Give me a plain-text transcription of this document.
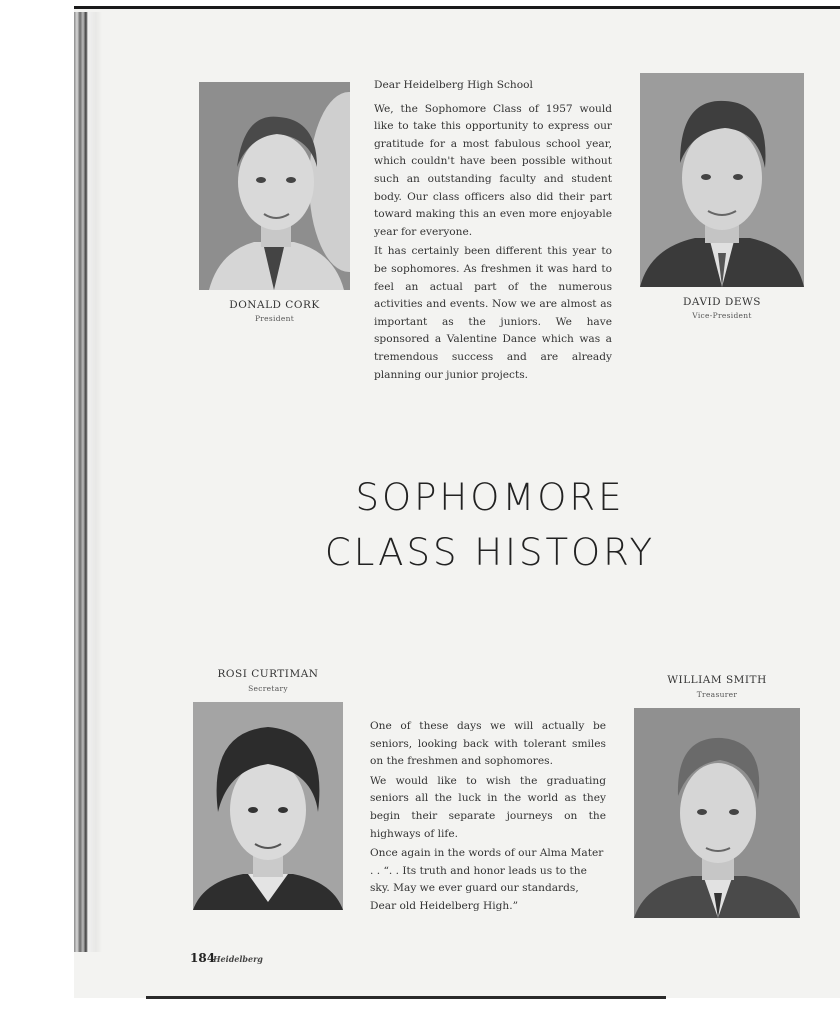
DONALD CORK
President

Dear Heidelberg High School

We, the Sophomore Class of 1957 would like to take this opportunity to express our gratitude for a most fabulous school year, which couldn't have been possible without such an outstanding faculty and student body. Our class officers also did their part toward making this an even more enjoyable year for everyone.

It has certainly been different this year to be sophomores. As freshmen it was hard to feel an actual part of the numerous activities and events. Now we are almost as important as the juniors. We have sponsored a Valentine Dance which was a tremendous success and are already planning our junior projects.

DAVID DEWS
Vice-President
SOPHOMORE
CLASS HISTORY
ROSI CURTIMAN
Secretary

One of these days we will actually be seniors, looking back with tolerant smiles on the freshmen and sophomores.

We would like to wish the graduating seniors all the luck in the world as they begin their separate journeys on the highways of life.

Once again in the words of our Alma Mater . . “. . Its truth and honor leads us to the sky. May we ever guard our standards, Dear old Heidelberg High.”

WILLIAM SMITH
Treasurer
184
Heidelberg
